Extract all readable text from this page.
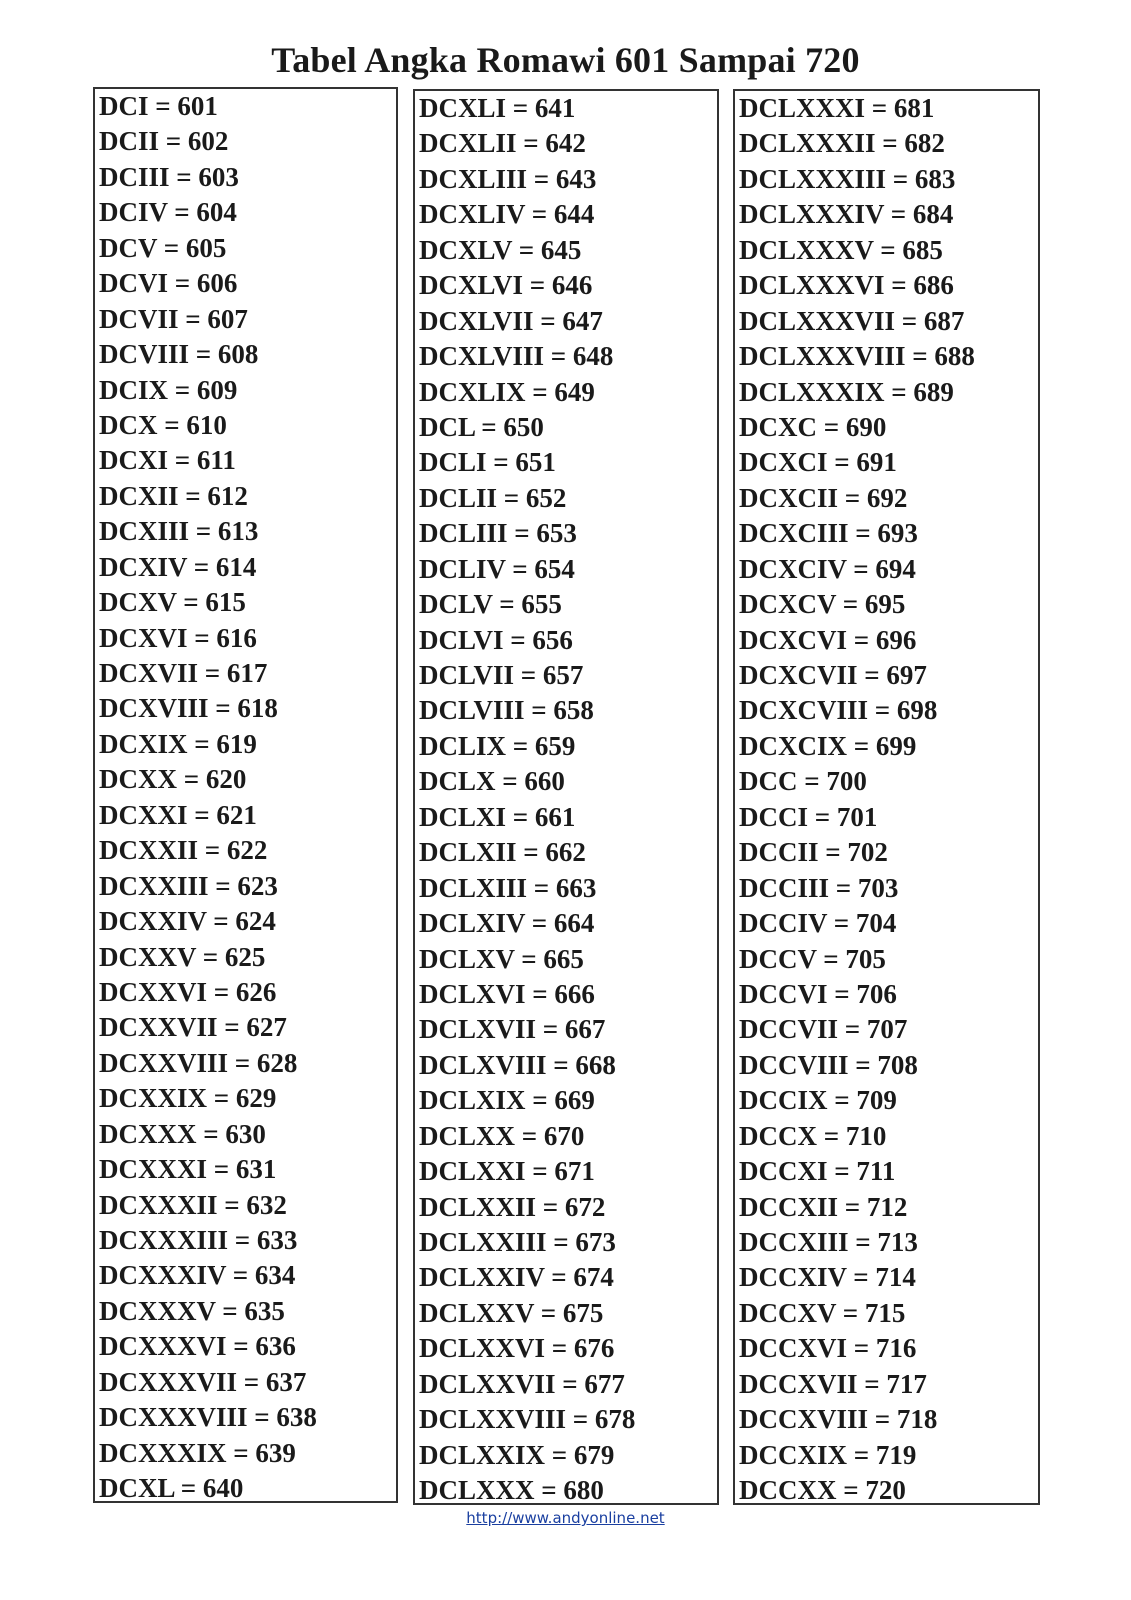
Tabel Angka Romawi 601 Sampai 720
DCI = 601
DCII = 602
DCIII = 603
DCIV = 604
DCV = 605
DCVI = 606
DCVII = 607
DCVIII = 608
DCIX = 609
DCX = 610
DCXI = 611
DCXII = 612
DCXIII = 613
DCXIV = 614
DCXV = 615
DCXVI = 616
DCXVII = 617
DCXVIII = 618
DCXIX = 619
DCXX = 620
DCXXI = 621
DCXXII = 622
DCXXIII = 623
DCXXIV = 624
DCXXV = 625
DCXXVI = 626
DCXXVII = 627
DCXXVIII = 628
DCXXIX = 629
DCXXX = 630
DCXXXI = 631
DCXXXII = 632
DCXXXIII = 633
DCXXXIV = 634
DCXXXV = 635
DCXXXVI = 636
DCXXXVII = 637
DCXXXVIII = 638
DCXXXIX = 639
DCXL = 640
DCXLI = 641
DCXLII = 642
DCXLIII = 643
DCXLIV = 644
DCXLV = 645
DCXLVI = 646
DCXLVII = 647
DCXLVIII = 648
DCXLIX = 649
DCL = 650
DCLI = 651
DCLII = 652
DCLIII = 653
DCLIV = 654
DCLV = 655
DCLVI = 656
DCLVII = 657
DCLVIII = 658
DCLIX = 659
DCLX = 660
DCLXI = 661
DCLXII = 662
DCLXIII = 663
DCLXIV = 664
DCLXV = 665
DCLXVI = 666
DCLXVII = 667
DCLXVIII = 668
DCLXIX = 669
DCLXX = 670
DCLXXI = 671
DCLXXII = 672
DCLXXIII = 673
DCLXXIV = 674
DCLXXV = 675
DCLXXVI = 676
DCLXXVII = 677
DCLXXVIII = 678
DCLXXIX = 679
DCLXXX = 680
DCLXXXI = 681
DCLXXXII = 682
DCLXXXIII = 683
DCLXXXIV = 684
DCLXXXV = 685
DCLXXXVI = 686
DCLXXXVII = 687
DCLXXXVIII = 688
DCLXXXIX = 689
DCXC = 690
DCXCI = 691
DCXCII = 692
DCXCIII = 693
DCXCIV = 694
DCXCV = 695
DCXCVI = 696
DCXCVII = 697
DCXCVIII = 698
DCXCIX = 699
DCC = 700
DCCI = 701
DCCII = 702
DCCIII = 703
DCCIV = 704
DCCV = 705
DCCVI = 706
DCCVII = 707
DCCVIII = 708
DCCIX = 709
DCCX = 710
DCCXI = 711
DCCXII = 712
DCCXIII = 713
DCCXIV = 714
DCCXV = 715
DCCXVI = 716
DCCXVII = 717
DCCXVIII = 718
DCCXIX = 719
DCCXX = 720
http://www.andyonline.net
